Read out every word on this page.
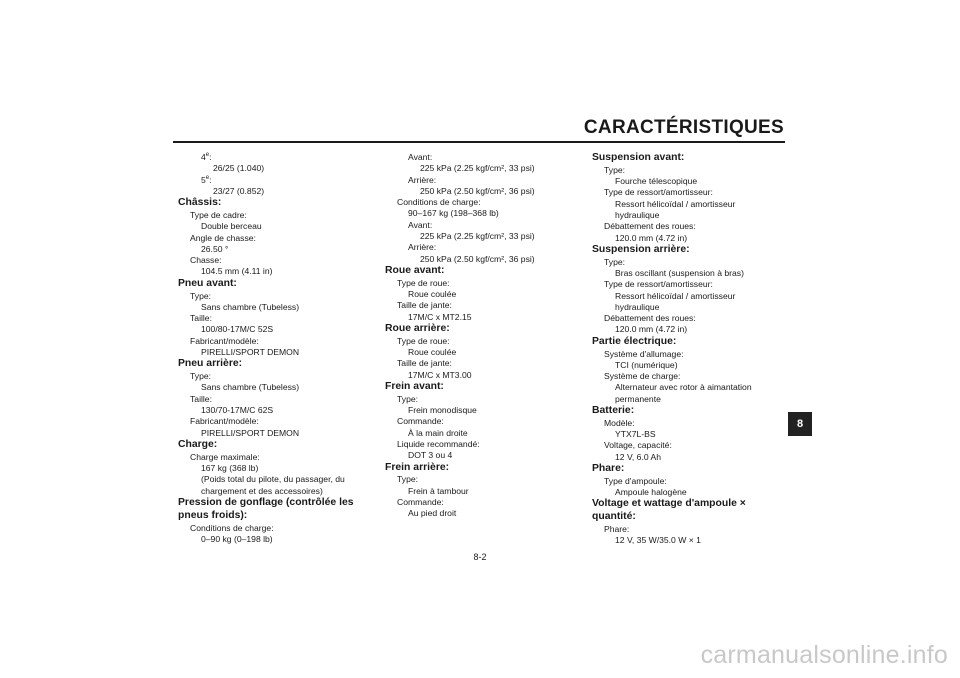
CARACTÉRISTIQUES
4e:
26/25 (1.040)
5e:
23/27 (0.852)
Châssis:
Type de cadre:
Double berceau
Angle de chasse:
26.50 °
Chasse:
104.5 mm (4.11 in)
Pneu avant:
Type:
Sans chambre (Tubeless)
Taille:
100/80-17M/C 52S
Fabricant/modèle:
PIRELLI/SPORT DEMON
Pneu arrière:
Type:
Sans chambre (Tubeless)
Taille:
130/70-17M/C 62S
Fabricant/modèle:
PIRELLI/SPORT DEMON
Charge:
Charge maximale:
167 kg (368 lb)
(Poids total du pilote, du passager, du chargement et des accessoires)
Pression de gonflage (contrôlée les pneus froids):
Conditions de charge:
0–90 kg (0–198 lb)
Avant:
225 kPa (2.25 kgf/cm², 33 psi)
Arrière:
250 kPa (2.50 kgf/cm², 36 psi)
Conditions de charge:
90–167 kg (198–368 lb)
Avant:
225 kPa (2.25 kgf/cm², 33 psi)
Arrière:
250 kPa (2.50 kgf/cm², 36 psi)
Roue avant:
Type de roue:
Roue coulée
Taille de jante:
17M/C x MT2.15
Roue arrière:
Type de roue:
Roue coulée
Taille de jante:
17M/C x MT3.00
Frein avant:
Type:
Frein monodisque
Commande:
À la main droite
Liquide recommandé:
DOT 3 ou 4
Frein arrière:
Type:
Frein à tambour
Commande:
Au pied droit
Suspension avant:
Type:
Fourche télescopique
Type de ressort/amortisseur:
Ressort hélicoïdal / amortisseur
hydraulique
Débattement des roues:
120.0 mm (4.72 in)
Suspension arrière:
Type:
Bras oscillant (suspension à bras)
Type de ressort/amortisseur:
Ressort hélicoïdal / amortisseur
hydraulique
Débattement des roues:
120.0 mm (4.72 in)
Partie électrique:
Système d'allumage:
TCI (numérique)
Système de charge:
Alternateur avec rotor à aimantation
permanente
Batterie:
Modèle:
YTX7L-BS
Voltage, capacité:
12 V, 6.0 Ah
Phare:
Type d'ampoule:
Ampoule halogène
Voltage et wattage d'ampoule × quantité:
Phare:
12 V, 35 W/35.0 W × 1
8
8-2
carmanualsonline.info
